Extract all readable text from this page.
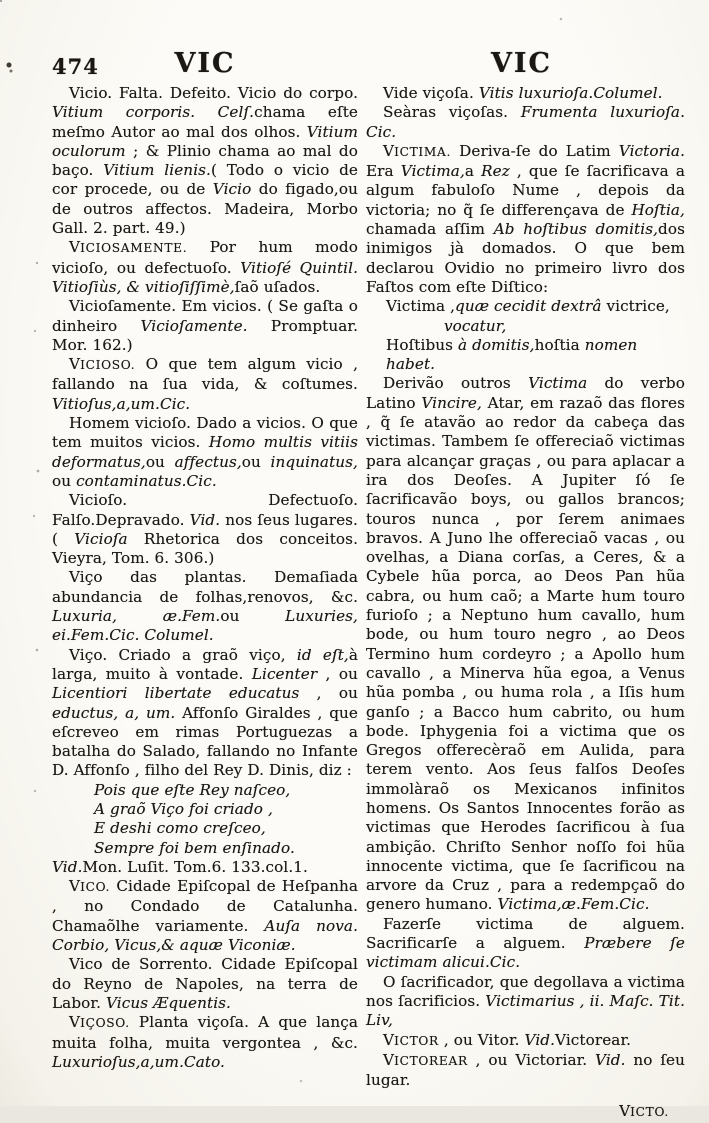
474	VIC	VIC

Vicio. Falta. Defeito. Vicio do corpo. Vitium corporis. Celſ.chama eſte meſmo Autor ao mal dos olhos. Vitium oculorum ; & Plinio chama ao mal do baço. Vitium lienis.( Todo o vicio de cor procede, ou de Vicio do figado,ou de outros affectos. Madeira, Morbo Gall. 2. part. 49.)

VICIOSAMENTE. Por hum modo vicioſo, ou defectuoſo. Vitioſé Quintil. Vitioſiùs, & vitioſiſſimè,ſaõ uſados.

Vicioſamente. Em vicios. ( Se gaſta o dinheiro Vicioſamente. Promptuar. Mor. 162.)

VICIOSO. O que tem algum vicio , fallando na ſua vida, & coſtumes. Vitioſus,a,um.Cic.

Homem vicioſo. Dado a vicios. O que tem muitos vicios. Homo multis vitiis deformatus,ou affectus,ou inquinatus, ou contaminatus.Cic.

Vicioſo. Defectuoſo. Falſo.Depravado. Vid. nos ſeus lugares. ( Vicioſa Rhetorica dos conceitos. Vieyra, Tom. 6. 306.)

Viço das plantas. Demaſiada abundancia de folhas,renovos, &c. Luxuria, æ.Fem.ou Luxuries, ei.Fem.Cic. Columel.

Viço. Criado a graõ viço, id eſt,à larga, muito à vontade. Licenter , ou Licentiori libertate educatus , ou eductus, a, um. Affonſo Giraldes , que eſcreveo em rimas Portuguezas a batalha do Salado, fallando no Infante D. Affonſo , filho del Rey D. Dinis, diz :

Pois que eſte Rey naſceo,

A graõ Viço foi criado ,

E deshi como creſceo,

Sempre foi bem enſinado.

Vid.Mon. Luſit. Tom.6. 133.col.1.

VICO. Cidade Epiſcopal de Heſpanha , no Condado de Catalunha. Chamaõlhe variamente. Auſa nova. Corbio, Vicus,& aquæ Viconiæ.

Vico de Sorrento. Cidade Epiſcopal do Reyno de Napoles, na terra de Labor. Vicus Æquentis.

VIÇOSO. Planta viçoſa. A que lança muita folha, muita vergontea , &c. Luxurioſus,a,um.Cato.

Vide viçoſa. Vitis luxurioſa.Columel.

Seàras viçoſas. Frumenta luxurioſa. Cic.

VICTIMA. Deriva-ſe do Latim Victoria. Era Victima,a Rez , que ſe ſacrificava a algum fabuloſo Nume , depois da victoria; no q̃ ſe differençava de Hoſtia, chamada aſſim Ab hoſtibus domitis,dos inimigos jà domados. O que bem declarou Ovidio no primeiro livro dos Faſtos com eſte Diſtico:

Victima ,quæ cecidit dextrâ victrice,

vocatur,

Hoſtibus à domitis,hoſtia nomen habet.

Derivão outros Victima do verbo Latino Vincire, Atar, em razaõ das flores , q̃ ſe atavão ao redor da cabeça das victimas. Tambem ſe offereciaõ victimas para alcançar graças , ou para aplacar a ira dos Deoſes. A Jupiter ſó ſe ſacrificavão boys, ou gallos brancos; touros nunca , por ſerem animaes bravos. A Juno lhe offereciaõ vacas , ou ovelhas, a Diana corſas, a Ceres, & a Cybele hũa porca, ao Deos Pan hũa cabra, ou hum caõ; a Marte hum touro furioſo ; a Neptuno hum cavallo, hum bode, ou hum touro negro , ao Deos Termino hum cordeyro ; a Apollo hum cavallo , a Minerva hũa egoa, a Venus hũa pomba , ou huma rola , a Iſis hum ganſo ; a Bacco hum cabrito, ou hum bode. Iphygenia foi a victima que os Gregos offerecèraõ em Aulida, para terem vento. Aos ſeus falſos Deoſes immolàraõ os Mexicanos infinitos homens. Os Santos Innocentes forão as victimas que Herodes ſacrificou à ſua ambição. Chriſto Senhor noſſo foi hũa innocente victima, que ſe ſacrificou na arvore da Cruz , para a redempçaõ do genero humano. Victima,æ.Fem.Cic.

Fazerſe victima de alguem. Sacrificarſe a alguem. Præbere ſe victimam alicui.Cic.

O ſacrificador, que degollava a victima nos ſacrificios. Victimarius , ii. Maſc. Tit. Liv,

VICTOR , ou Vitor. Vid.Victorear.

VICTOREAR , ou Victoriar. Vid. no ſeu lugar.

VICTO.
